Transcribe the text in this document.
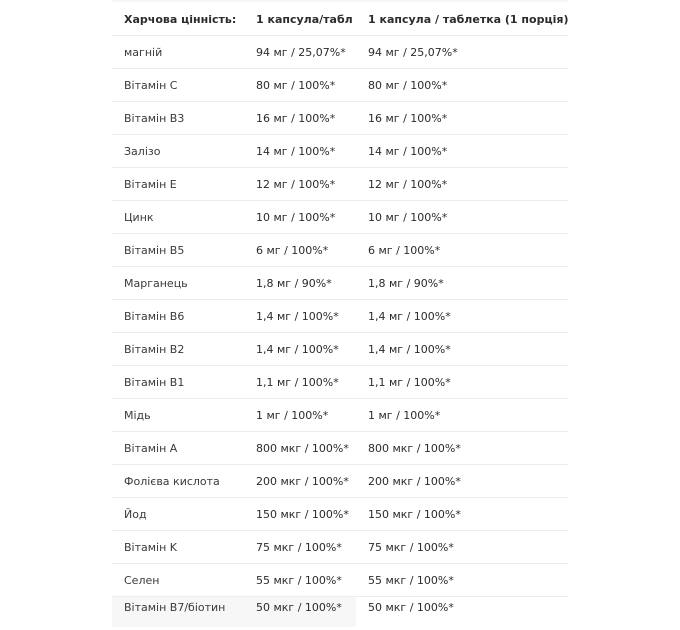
Харчова цінність:	1 капсула/табл	1 капсула / таблетка (1 порція)
магній	94 мг / 25,07%*	94 мг / 25,07%*
Вітамін C	80 мг / 100%*	80 мг / 100%*
Вітамін B3	16 мг / 100%*	16 мг / 100%*
Залізо	14 мг / 100%*	14 мг / 100%*
Вітамін E	12 мг / 100%*	12 мг / 100%*
Цинк	10 мг / 100%*	10 мг / 100%*
Вітамін B5	6 мг / 100%*	6 мг / 100%*
Марганець	1,8 мг / 90%*	1,8 мг / 90%*
Вітамін B6	1,4 мг / 100%*	1,4 мг / 100%*
Вітамін B2	1,4 мг / 100%*	1,4 мг / 100%*
Вітамін B1	1,1 мг / 100%*	1,1 мг / 100%*
Мідь	1 мг / 100%*	1 мг / 100%*
Вітамін A	800 мкг / 100%*	800 мкг / 100%*
Фолієва кислота	200 мкг / 100%*	200 мкг / 100%*
Йод	150 мкг / 100%*	150 мкг / 100%*
Вітамін K	75 мкг / 100%*	75 мкг / 100%*
Селен	55 мкг / 100%*	55 мкг / 100%*
Вітамін B7/біотин	50 мкг / 100%*	50 мкг / 100%*
